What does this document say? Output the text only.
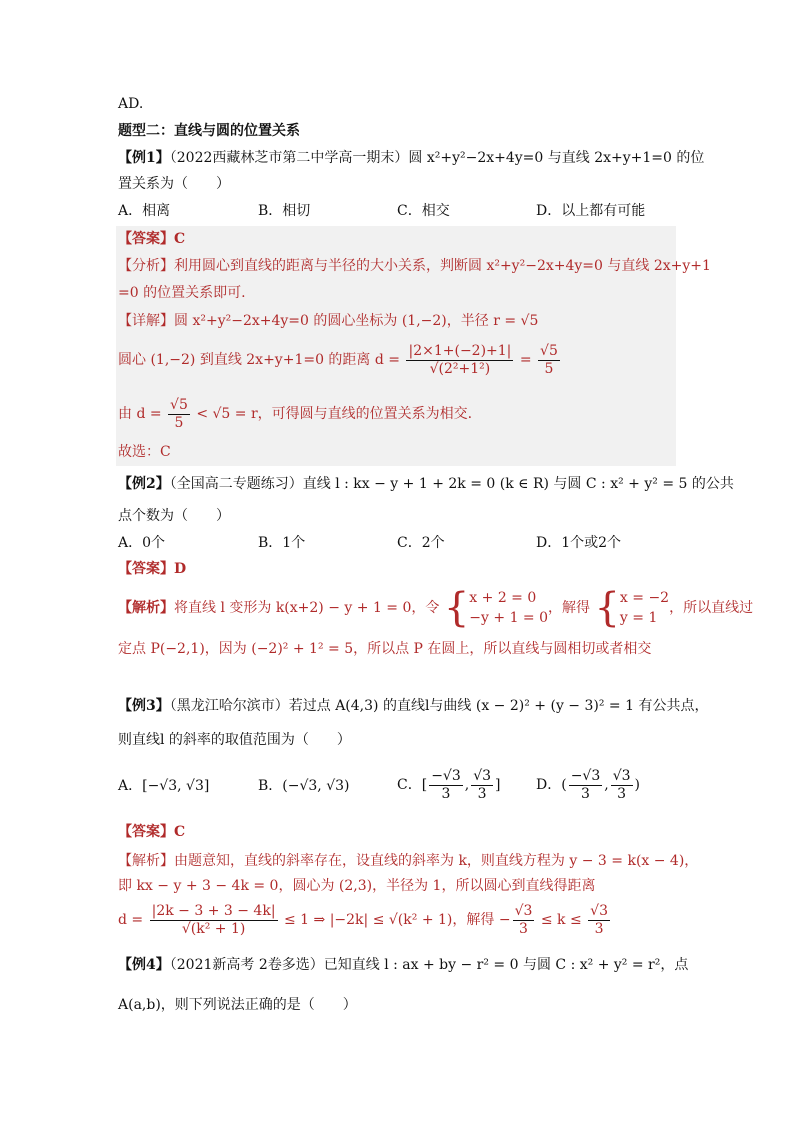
AD.
题型二：直线与圆的位置关系
【例1】（2022西藏林芝市第二中学高一期末）圆 x²+y²−2x+4y=0 与直线 2x+y+1=0 的位
置关系为（　　）
A．相离	B．相切	C．相交	D．以上都有可能
【答案】C
【分析】利用圆心到直线的距离与半径的大小关系，判断圆 x²+y²−2x+4y=0 与直线 2x+y+1
=0 的位置关系即可.
【详解】圆 x²+y²−2x+4y=0 的圆心坐标为 (1,−2)，半径 r = √5
圆心 (1,−2) 到直线 2x+y+1=0 的距离 $d = \frac{|2\times 1+(-2)+1|}{\text{√(2²+1²)}} = \frac{√5}{5}$
由 $d = \frac{√5}{5} < √5 = r$，可得圆与直线的位置关系为相交.
故选：C
【例2】（全国高二专题练习）直线 l : kx − y + 1 + 2k = 0 (k ∈ R) 与圆 C : x² + y² = 5 的公共
点个数为（　　）
A．0个	B．1个	C．2个	D．1个或2个
【答案】D
【解析】将直线 l 变形为 k(x+2) − y + 1 = 0，令 { x + 2 = 0
−y + 1 = 0
，解得 { x = −2
y = 1
，所以直线过
定点 P(−2,1)，因为 (−2)² + 1² = 5，所以点 P 在圆上，所以直线与圆相切或者相交
【例3】（黑龙江哈尔滨市）若过点 A(4,3) 的直线l与曲线 (x − 2)² + (y − 3)² = 1 有公共点，
则直线l 的斜率的取值范围为（　　）
A．[−√3, √3]	B．(−√3, √3)	C．[ $\frac{-√3}{3}$ , $\frac{√3}{3}$ ]	D．( $\frac{-√3}{3}$ , $\frac{√3}{3}$ )
【答案】C
【解析】由题意知，直线的斜率存在，设直线的斜率为 k，则直线方程为 y − 3 = k(x − 4)，
即 kx − y + 3 − 4k = 0，圆心为 (2,3)，半径为 1，所以圆心到直线得距离
$d = \frac{|2k - 3 + 3 - 4k|}{\text{√(k² + 1)}} \le 1$ ⇒ |−2k| ≤ √(k² + 1)，解得 − $\frac{√3}{3} \le k \le \frac{√3}{3}$
【例4】（2021新高考 2卷多选）已知直线 l : ax + by − r² = 0 与圆 C : x² + y² = r²，点
A(a,b)，则下列说法正确的是（　　）
